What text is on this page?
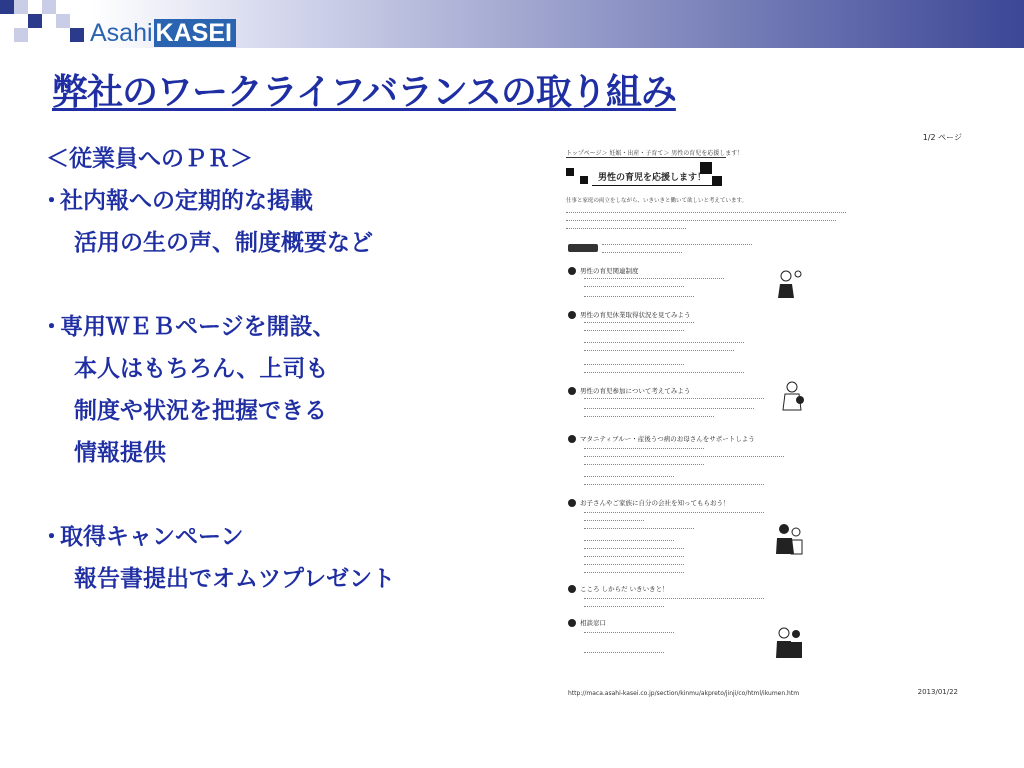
Asahi KASEI
弊社のワークライフバランスの取り組み
＜従業員へのＰＲ＞
・社内報への定期的な掲載
活用の生の声、制度概要など
・専用ＷＥＢページを開設、
本人はもちろん、上司も
制度や状況を把握できる
情報提供
・取得キャンペーン
報告書提出でオムツプレゼント
1/2 ページ
トップページ＞ 妊娠・出産・子育て＞ 男性の育児を応援します！
男性の育児を応援します！
仕事と家庭の両立をしながら、いきいきと働いて欲しいと考えています。
男性の育児関連制度
男性の育児休業取得状況を見てみよう
男性の育児参加について考えてみよう
マタニティブルー・産後うつ病のお母さんをサポートしよう
お子さんやご家族に自分の会社を知ってもらおう！
こころ しからだ いきいきと！
相談窓口
http://maca.asahi-kasei.co.jp/section/kinmu/akpreto/jinji/co/html/ikumen.htm	2013/01/22
